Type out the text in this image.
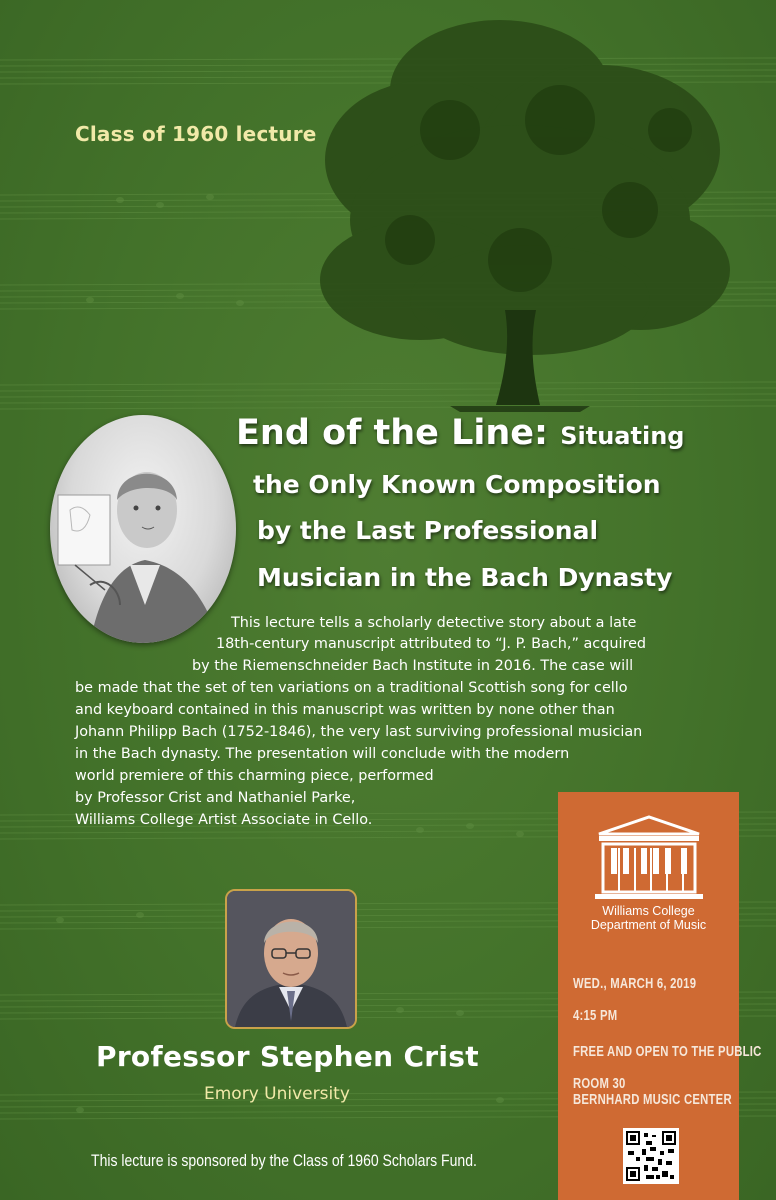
Class of 1960 lecture
End of the Line: Situating
the Only Known Composition
by the Last Professional
Musician in the Bach Dynasty
This lecture tells a scholarly detective story about a late
18th-century manuscript attributed to “J. P. Bach,” acquired
by the Riemenschneider Bach Institute in 2016. The case will
be made that the set of ten variations on a traditional Scottish song for cello
and keyboard contained in this manuscript was written by none other than
Johann Philipp Bach (1752-1846), the very last surviving professional musician
in the Bach dynasty. The presentation will conclude with the modern
world premiere of this charming piece, performed
by Professor Crist and Nathaniel Parke,
Williams College Artist Associate in Cello.
Williams College
Department of Music
WED., MARCH 6, 2019
4:15 PM
FREE AND OPEN TO THE PUBLIC
ROOM 30
BERNHARD MUSIC CENTER
Professor Stephen Crist
Emory University
This lecture is sponsored by the Class of 1960 Scholars Fund.
